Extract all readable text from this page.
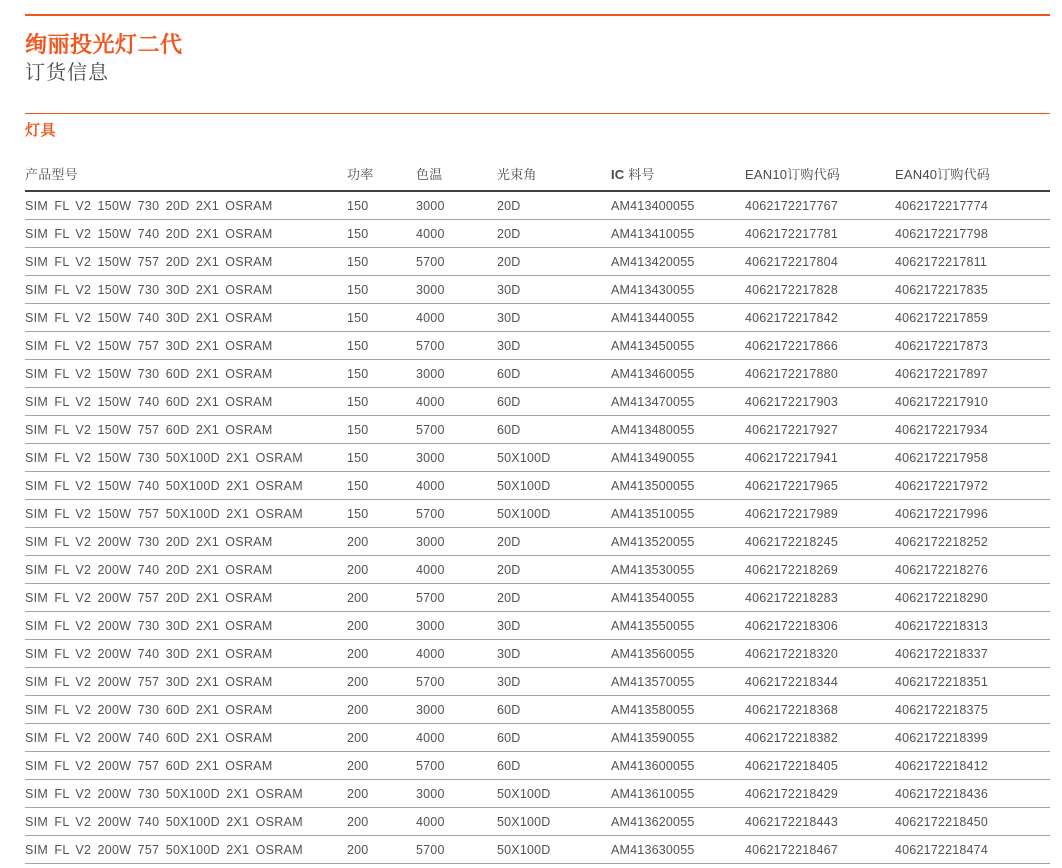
绚丽投光灯二代
订货信息
灯具
产品型号	功率	色温	光束角	IC 料号	EAN10订购代码	EAN40订购代码
SIM FL V2 150W 730 20D 2X1 OSRAM	150	3000	20D	AM413400055	4062172217767	4062172217774
SIM FL V2 150W 740 20D 2X1 OSRAM	150	4000	20D	AM413410055	4062172217781	4062172217798
SIM FL V2 150W 757 20D 2X1 OSRAM	150	5700	20D	AM413420055	4062172217804	4062172217811
SIM FL V2 150W 730 30D 2X1 OSRAM	150	3000	30D	AM413430055	4062172217828	4062172217835
SIM FL V2 150W 740 30D 2X1 OSRAM	150	4000	30D	AM413440055	4062172217842	4062172217859
SIM FL V2 150W 757 30D 2X1 OSRAM	150	5700	30D	AM413450055	4062172217866	4062172217873
SIM FL V2 150W 730 60D 2X1 OSRAM	150	3000	60D	AM413460055	4062172217880	4062172217897
SIM FL V2 150W 740 60D 2X1 OSRAM	150	4000	60D	AM413470055	4062172217903	4062172217910
SIM FL V2 150W 757 60D 2X1 OSRAM	150	5700	60D	AM413480055	4062172217927	4062172217934
SIM FL V2 150W 730 50X100D 2X1 OSRAM	150	3000	50X100D	AM413490055	4062172217941	4062172217958
SIM FL V2 150W 740 50X100D 2X1 OSRAM	150	4000	50X100D	AM413500055	4062172217965	4062172217972
SIM FL V2 150W 757 50X100D 2X1 OSRAM	150	5700	50X100D	AM413510055	4062172217989	4062172217996
SIM FL V2 200W 730 20D 2X1 OSRAM	200	3000	20D	AM413520055	4062172218245	4062172218252
SIM FL V2 200W 740 20D 2X1 OSRAM	200	4000	20D	AM413530055	4062172218269	4062172218276
SIM FL V2 200W 757 20D 2X1 OSRAM	200	5700	20D	AM413540055	4062172218283	4062172218290
SIM FL V2 200W 730 30D 2X1 OSRAM	200	3000	30D	AM413550055	4062172218306	4062172218313
SIM FL V2 200W 740 30D 2X1 OSRAM	200	4000	30D	AM413560055	4062172218320	4062172218337
SIM FL V2 200W 757 30D 2X1 OSRAM	200	5700	30D	AM413570055	4062172218344	4062172218351
SIM FL V2 200W 730 60D 2X1 OSRAM	200	3000	60D	AM413580055	4062172218368	4062172218375
SIM FL V2 200W 740 60D 2X1 OSRAM	200	4000	60D	AM413590055	4062172218382	4062172218399
SIM FL V2 200W 757 60D 2X1 OSRAM	200	5700	60D	AM413600055	4062172218405	4062172218412
SIM FL V2 200W 730 50X100D 2X1 OSRAM	200	3000	50X100D	AM413610055	4062172218429	4062172218436
SIM FL V2 200W 740 50X100D 2X1 OSRAM	200	4000	50X100D	AM413620055	4062172218443	4062172218450
SIM FL V2 200W 757 50X100D 2X1 OSRAM	200	5700	50X100D	AM413630055	4062172218467	4062172218474
